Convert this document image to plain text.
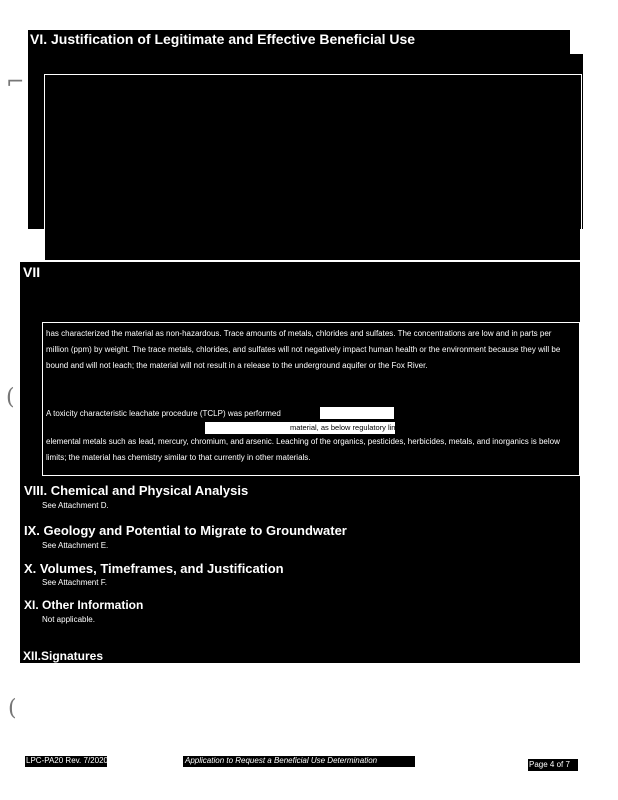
VI. Justification of Legitimate and Effective Beneficial Use
⌐
(
(
VII
has characterized the material as non-hazardous. Trace amounts of metals, chlorides and sulfates. The concentrations are low and in parts per million (ppm) by weight. The trace metals, chlorides, and sulfates will not negatively impact human health or the environment because they will be bound and will not leach; the material will not result in a release to the underground aquifer or the Fox River.
A toxicity characteristic leachate procedure (TCLP) was performed
material, as below regulatory limits for compounds and the eight
elemental metals such as lead, mercury, chromium, and arsenic. Leaching of the organics, pesticides, herbicides, metals, and inorganics is below limits; the material has chemistry similar to that currently in other materials.
VIII. Chemical and Physical Analysis
See Attachment D.
IX. Geology and Potential to Migrate to Groundwater
See Attachment E.
X. Volumes, Timeframes, and Justification
See Attachment F.
XI. Other Information
Not applicable.
XII.Signatures
LPC-PA20 Rev. 7/2020	Application to Request a Beneficial Use Determination	Page 4 of 7
